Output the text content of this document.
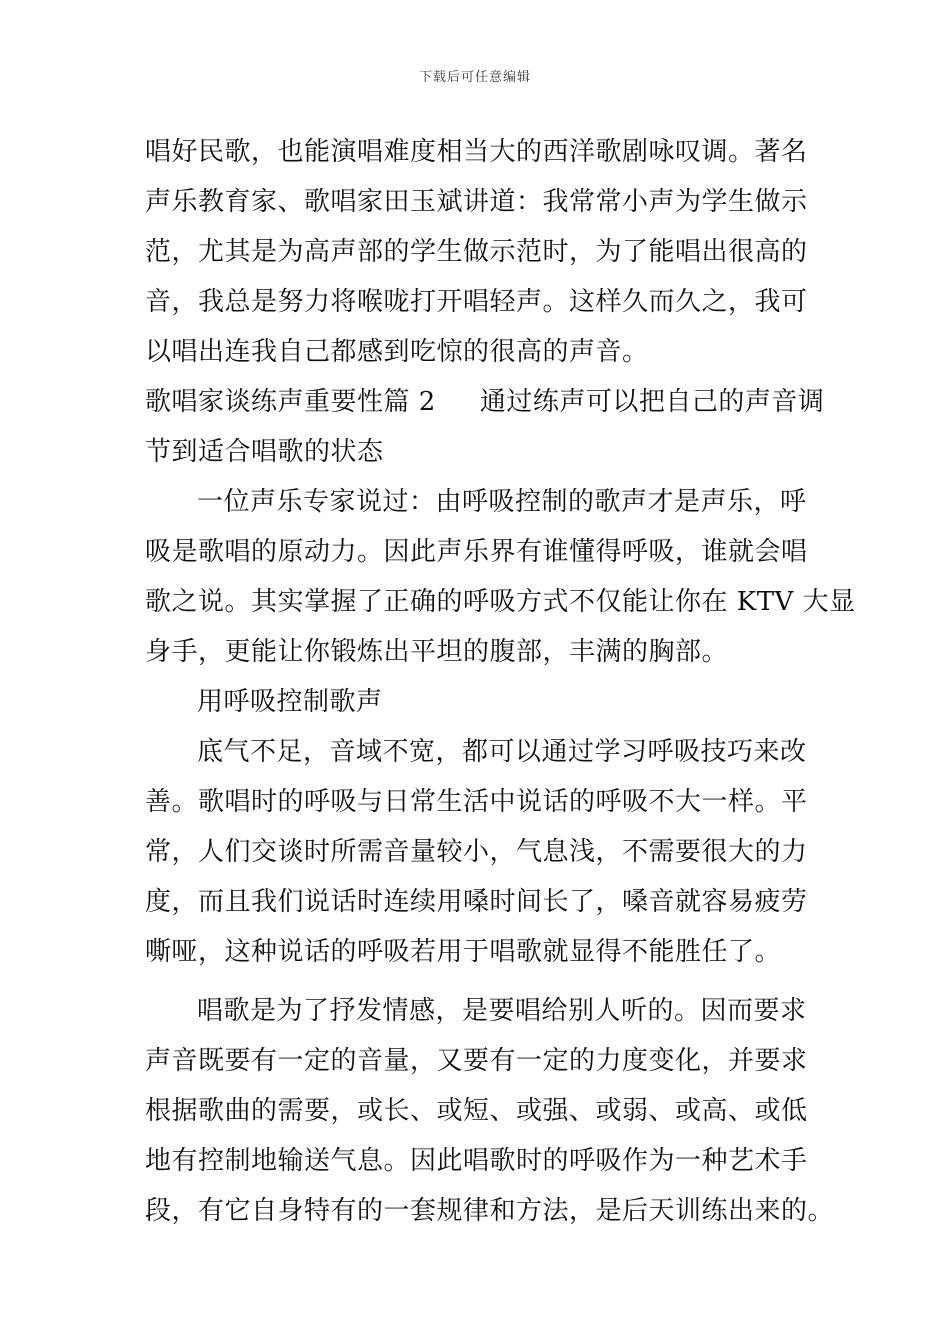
下载后可任意编辑
唱好民歌，也能演唱难度相当大的西洋歌剧咏叹调。著名
声乐教育家、歌唱家田玉斌讲道：我常常小声为学生做示
范，尤其是为高声部的学生做示范时，为了能唱出很高的
音，我总是努力将喉咙打开唱轻声。这样久而久之，我可
以唱出连我自己都感到吃惊的很高的声音。
歌唱家谈练声重要性篇 2 通过练声可以把自己的声音调
节到适合唱歌的状态
一位声乐专家说过：由呼吸控制的歌声才是声乐，呼
吸是歌唱的原动力。因此声乐界有谁懂得呼吸，谁就会唱
歌之说。其实掌握了正确的呼吸方式不仅能让你在 KTV 大显
身手，更能让你锻炼出平坦的腹部，丰满的胸部。
用呼吸控制歌声
底气不足，音域不宽，都可以通过学习呼吸技巧来改
善。歌唱时的呼吸与日常生活中说话的呼吸不大一样。平
常，人们交谈时所需音量较小，气息浅，不需要很大的力
度，而且我们说话时连续用嗓时间长了，嗓音就容易疲劳
嘶哑，这种说话的呼吸若用于唱歌就显得不能胜任了。
唱歌是为了抒发情感，是要唱给别人听的。因而要求
声音既要有一定的音量，又要有一定的力度变化，并要求
根据歌曲的需要，或长、或短、或强、或弱、或高、或低
地有控制地输送气息。因此唱歌时的呼吸作为一种艺术手
段，有它自身特有的一套规律和方法，是后天训练出来的。
